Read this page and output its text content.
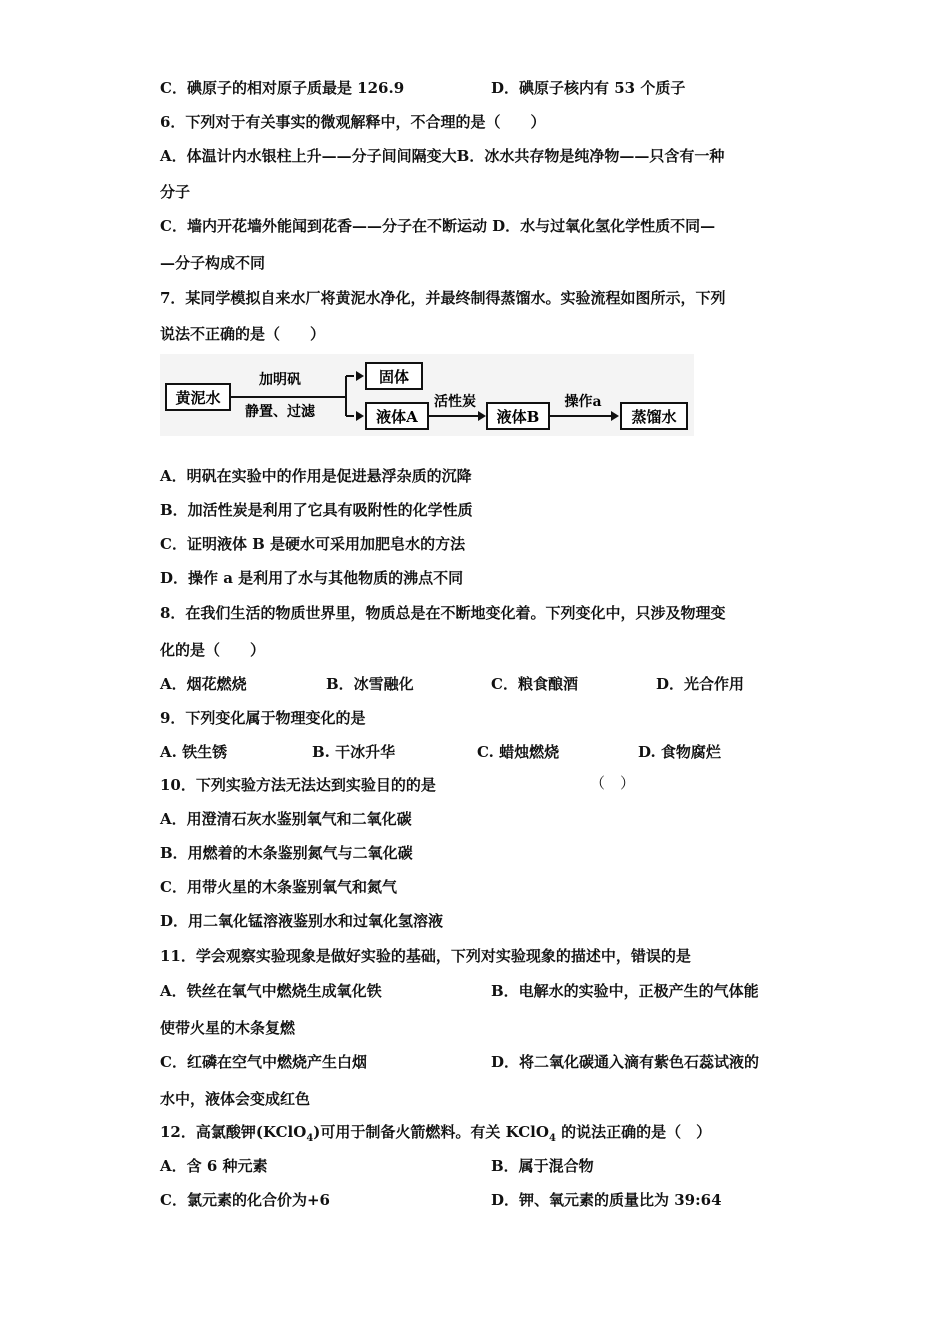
C．碘原子的相对原子质最是 126.9	D．碘原子核内有 53 个质子
6．下列对于有关事实的微观解释中，不合理的是（　　）
A．体温计内水银柱上升——分子间间隔变大B．冰水共存物是纯净物——只含有一种
分子
C．墙内开花墙外能闻到花香——分子在不断运动 D．水与过氧化氢化学性质不同—
—分子构成不同
7．某同学模拟自来水厂将黄泥水净化，并最终制得蒸馏水。实验流程如图所示，下列
说法不正确的是（　　）
黄泥水
加明矾
静置、过滤
固体
液体A
活性炭
液体B
操作a
蒸馏水
A．明矾在实验中的作用是促进悬浮杂质的沉降
B．加活性炭是利用了它具有吸附性的化学性质
C．证明液体 B 是硬水可采用加肥皂水的方法
D．操作 a 是利用了水与其他物质的沸点不同
8．在我们生活的物质世界里，物质总是在不断地变化着。下列变化中，只涉及物理变
化的是（　　）
A．烟花燃烧	B．冰雪融化	C．粮食酿酒	D．光合作用
9．下列变化属于物理变化的是
A. 铁生锈	B. 干冰升华	C. 蜡烛燃烧	D. 食物腐烂
10．下列实验方法无法达到实验目的的是	（　）
A．用澄清石灰水鉴别氧气和二氧化碳
B．用燃着的木条鉴别氮气与二氧化碳
C．用带火星的木条鉴别氧气和氮气
D．用二氧化锰溶液鉴别水和过氧化氢溶液
11．学会观察实验现象是做好实验的基础，下列对实验现象的描述中，错误的是
A．铁丝在氧气中燃烧生成氧化铁	B．电解水的实验中，正极产生的气体能
使带火星的木条复燃
C．红磷在空气中燃烧产生白烟	D．将二氧化碳通入滴有紫色石蕊试液的
水中，液体会变成红色
12．高氯酸钾(KClO$_4$)可用于制备火箭燃料。有关 KClO$_4$ 的说法正确的是（　）
A．含 6 种元素	B．属于混合物
C．氯元素的化合价为+6	D．钾、氧元素的质量比为 39:64
